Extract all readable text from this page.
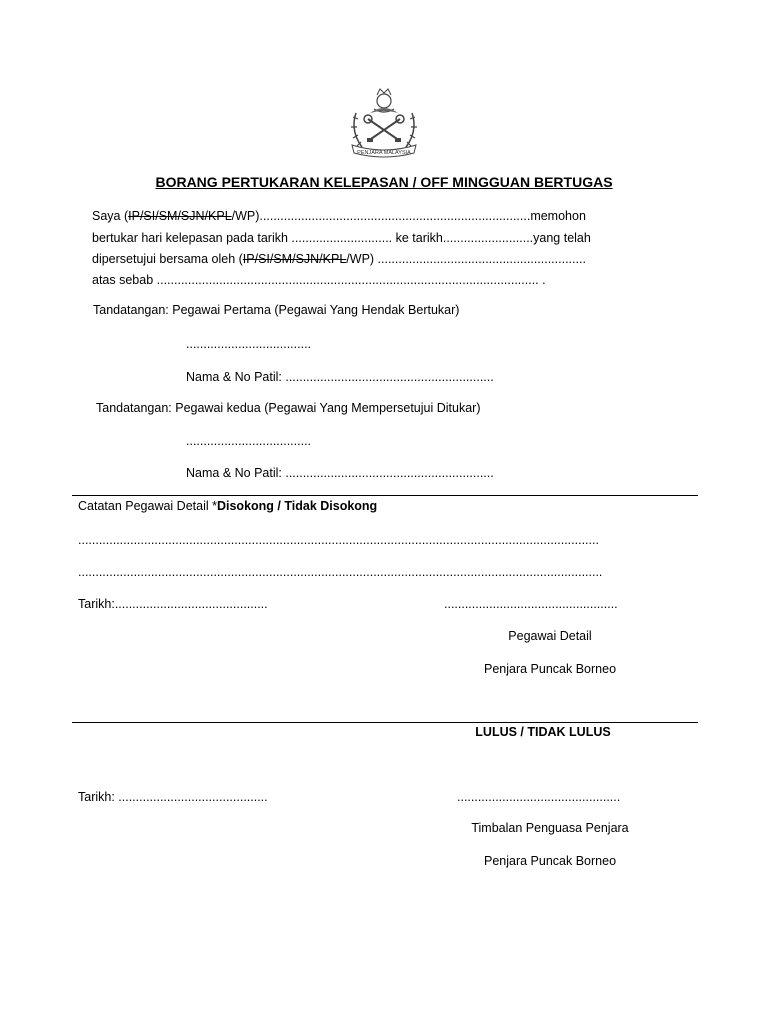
PENJARA MALAYSIA
BORANG PERTUKARAN KELEPASAN / OFF MINGGUAN BERTUGAS
Saya (IP/SI/SM/SJN/KPL/WP)..............................................................................memohon
bertukar hari kelepasan pada tarikh ............................. ke tarikh..........................yang telah
dipersetujui bersama oleh (IP/SI/SM/SJN/KPL/WP) ............................................................
atas sebab .............................................................................................................. .
Tandatangan: Pegawai Pertama (Pegawai Yang Hendak Bertukar)
....................................
Nama & No Patil: ............................................................
Tandatangan: Pegawai kedua (Pegawai Yang Mempersetujui Ditukar)
....................................
Nama & No Patil: ............................................................
Catatan Pegawai Detail *Disokong / Tidak Disokong
......................................................................................................................................................
.......................................................................................................................................................
Tarikh:............................................	..................................................
Pegawai Detail
Penjara Puncak Borneo
LULUS / TIDAK LULUS
Tarikh: ...........................................	...............................................
Timbalan Penguasa Penjara
Penjara Puncak Borneo
